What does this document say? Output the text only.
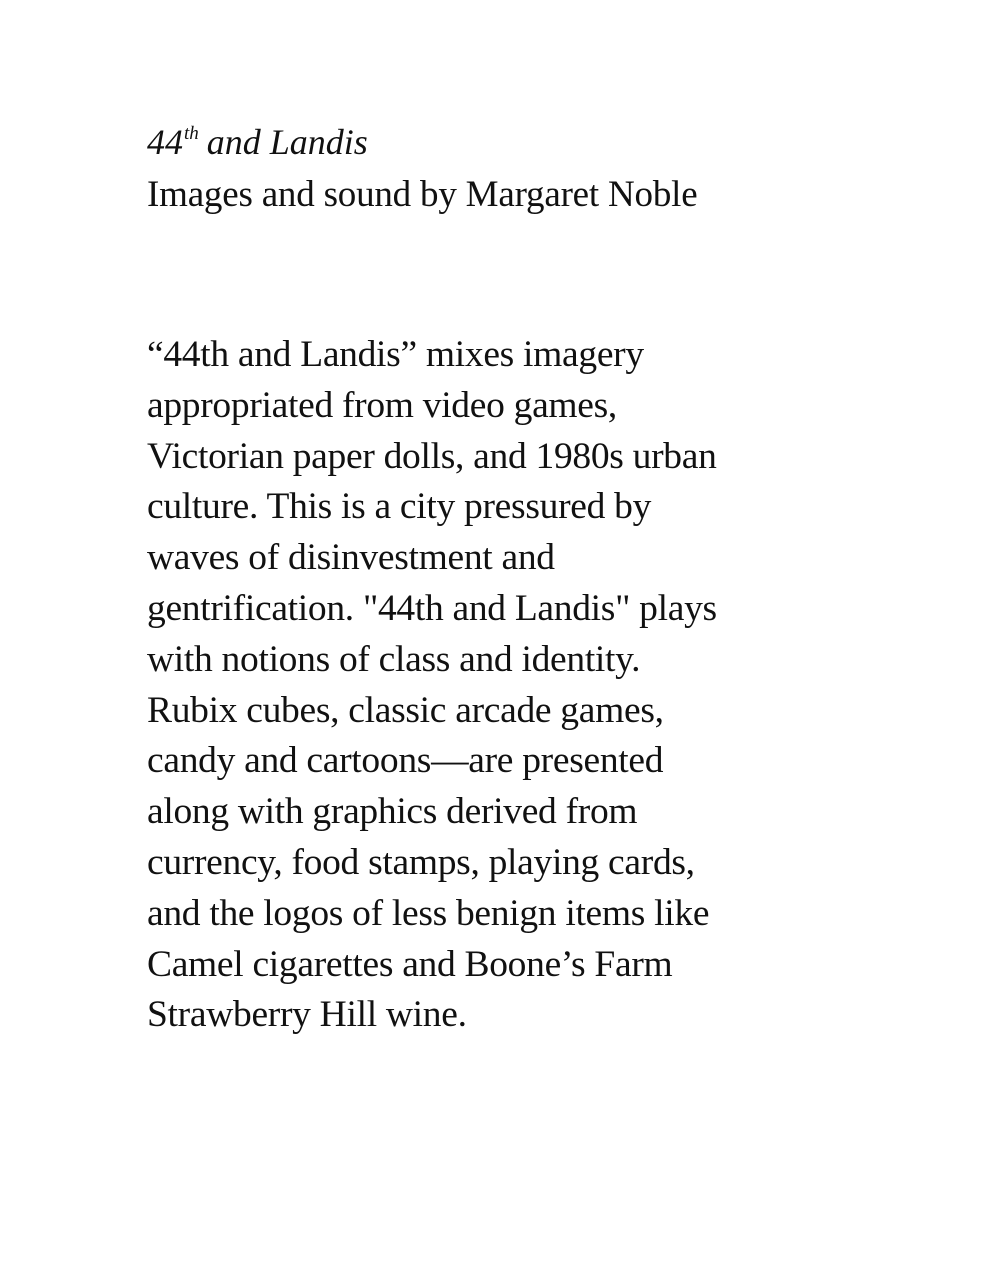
44th and Landis

Images and sound by Margaret Noble

“44th and Landis” mixes imagery
appropriated from video games,
Victorian paper dolls, and 1980s urban
culture. This is a city pressured by
waves of disinvestment and
gentrification. "44th and Landis" plays
with notions of class and identity.
Rubix cubes, classic arcade games,
candy and cartoons—are presented
along with graphics derived from
currency, food stamps, playing cards,
and the logos of less benign items like
Camel cigarettes and Boone’s Farm
Strawberry Hill wine.
